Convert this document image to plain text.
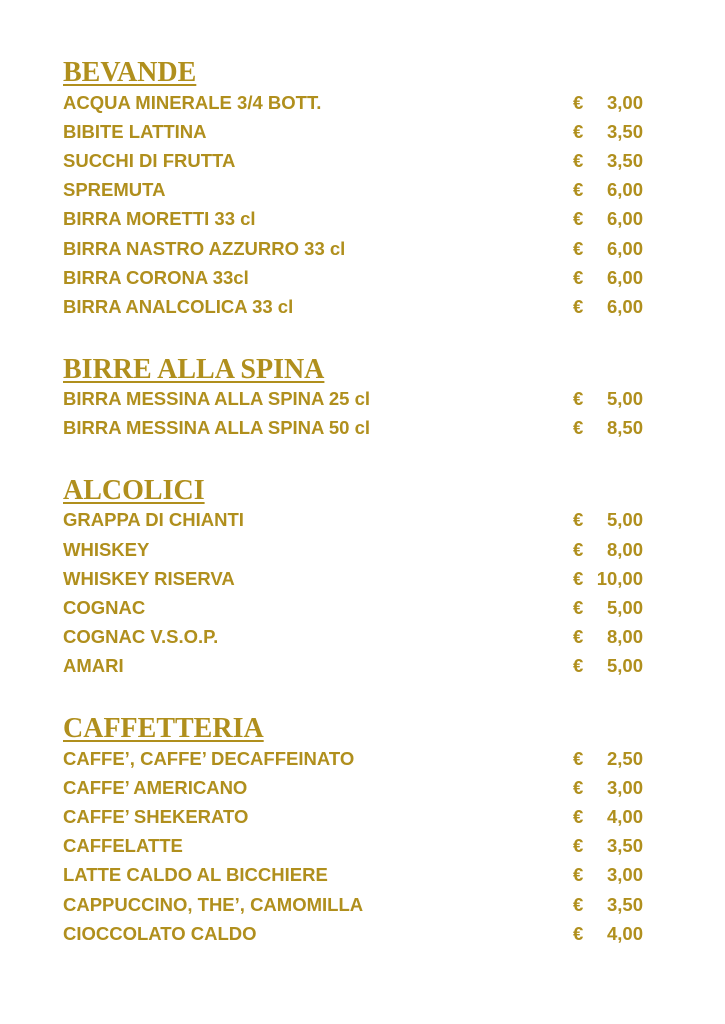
BEVANDE
ACQUA MINERALE 3/4 BOTT.	€ 3,00
BIBITE LATTINA	€ 3,50
SUCCHI DI FRUTTA	€ 3,50
SPREMUTA	€ 6,00
BIRRA MORETTI 33 cl	€ 6,00
BIRRA NASTRO AZZURRO 33 cl	€ 6,00
BIRRA CORONA 33cl	€ 6,00
BIRRA ANALCOLICA 33 cl	€ 6,00
BIRRE ALLA SPINA
BIRRA MESSINA ALLA SPINA 25 cl	€ 5,00
BIRRA MESSINA ALLA SPINA 50 cl	€ 8,50
ALCOLICI
GRAPPA DI CHIANTI	€ 5,00
WHISKEY	€ 8,00
WHISKEY RISERVA	€ 10,00
COGNAC	€ 5,00
COGNAC V.S.O.P.	€ 8,00
AMARI	€ 5,00
CAFFETTERIA
CAFFE’, CAFFE’ DECAFFEINATO	€ 2,50
CAFFE’ AMERICANO	€ 3,00
CAFFE’ SHEKERATO	€ 4,00
CAFFELATTE	€ 3,50
LATTE CALDO AL BICCHIERE	€ 3,00
CAPPUCCINO, THE’, CAMOMILLA	€ 3,50
CIOCCOLATO CALDO	€ 4,00
